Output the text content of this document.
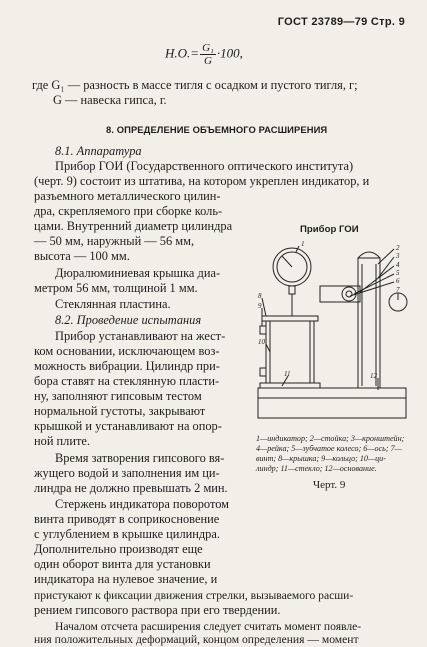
ГОСТ 23789—79 Стр. 9
$H.O.= \frac{\text{G₁}}{G} \cdot 100$,
где G₁ — разность в массе тигля с осадком и пустого тигля, г;
G — навеска гипса, г.
8. ОПРЕДЕЛЕНИЕ ОБЪЕМНОГО РАСШИРЕНИЯ
8.1. Аппаратура
Прибор ГОИ (Государственного оптического института)
(черт. 9) состоит из штатива, на котором укреплен индикатор, и
разъемного металлического цилин-
дра, скрепляемого при сборке коль-
цами. Внутренний диаметр цилиндра
— 50 мм, наружный — 56 мм,
высота — 100 мм.
Дюралюминиевая крышка диа-
метром 56 мм, толщиной 1 мм.
Стеклянная пластина.
8.2. Проведение испытания
Прибор устанавливают на жест-
ком основании, исключающем воз-
можность вибрации. Цилиндр при-
бора ставят на стеклянную пласти-
ну, заполняют гипсовым тестом
нормальной густоты, закрывают
крышкой и устанавливают на опор-
ной плите.
Время затворения гипсового вя-
жущего водой и заполнения им ци-
линдра не должно превышать 2 мин.
Стержень индикатора поворотом
винта приводят в соприкосновение
с углублением в крышке цилиндра.
Дополнительно производят еще
один оборот винта для установки
индикатора на нулевое значение, и
пристукают к фиксации движения стрелки, вызываемого расши-
рением гипсового раствора при его твердении.
Началом отсчета расширения следует считать момент появле-
ния положительных деформаций, концом определения — момент
Прибор ГОИ
1	2
3
4
5
6
7
8
9
10
11	12
1—индикатор; 2—стойка; 3—кронштейн;
4—рейка; 5—зубчатое колесо; 6—ось; 7—
винт; 8—крышка; 9—кольцо; 10—ци-
линдр; 11—стекло; 12—основание.
Черт. 9
